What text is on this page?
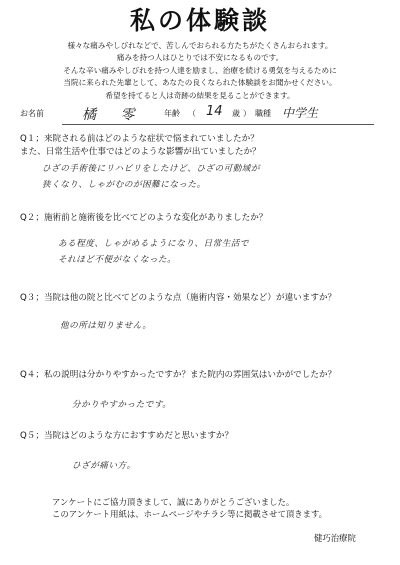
私の体験談
様々な痛みやしびれなどで、苦しんでおられる方たちがたくさんおられます。
痛みを持つ人はひとりでは不安になるものです。
そんな辛い痛みやしびれを持つ人達を励まし、治療を続ける勇気を与えるために
当院に来られた先輩として、あなたの良くなられた体験談をお聞かせください。
希望を持てると人は奇跡の結果を見ることができます。
お名前	橘 零 年齢 （ 14 歳 ） 職種 中学生
Q１；来院される前はどのような症状で悩まれていましたか？
また、日常生活や仕事ではどのような影響が出ていましたか？
ひざの手術後にリハビリをしたけど、ひざの可動域が
狭くなり、しゃがむのが困難になった。
Q２；施術前と施術後を比べてどのような変化がありましたか？
ある程度、しゃがめるようになり、日常生活で
それほど不便がなくなった。
Q３；当院は他の院と比べてどのような点（施術内容・効果など）が違いますか？
他の所は知りません。
Q４；私の説明は分かりやすかったですか？また院内の雰囲気はいかがでしたか？
分かりやすかったです。
Q５；当院はどのような方におすすめだと思いますか？
ひざが痛い方。
アンケートにご協力頂きまして、誠にありがとうございました。
このアンケート用紙は、ホームページやチラシ等に掲載させて頂きます。
健巧治療院
